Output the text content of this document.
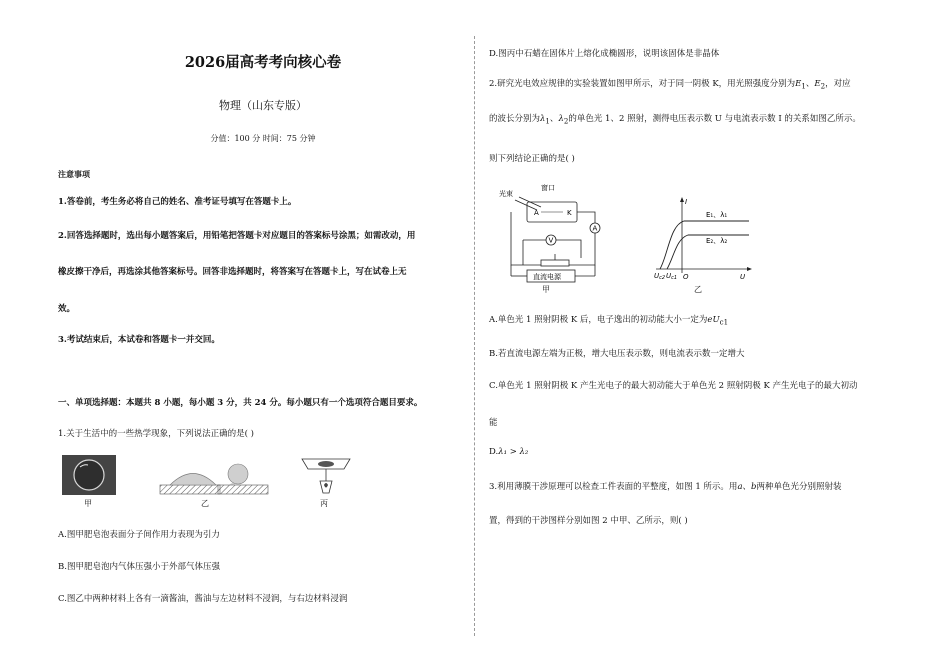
2026届高考考向核心卷
物理（山东专版）
分值：100 分 时间：75 分钟
注意事项
1.答卷前，考生务必将自己的姓名、准考证号填写在答题卡上。
2.回答选择题时，选出每小题答案后，用铅笔把答题卡对应题目的答案标号涂黑；如需改动，用
橡皮擦干净后，再选涂其他答案标号。回答非选择题时，将答案写在答题卡上，写在试卷上无
效。
3.考试结束后，本试卷和答题卡一并交回。
一、单项选择题：本题共 8 小题，每小题 3 分，共 24 分。每小题只有一个选项符合题目要求。
1.关于生活中的一些热学现象，下列说法正确的是( )
甲	乙	丙
A.图甲肥皂泡表面分子间作用力表现为引力
B.图甲肥皂泡内气体压强小于外部气体压强
C.图乙中两种材料上各有一滴酱油，酱油与左边材料不浸润，与右边材料浸润
D.图丙中石蜡在固体片上熔化成椭圆形，说明该固体是非晶体
2.研究光电效应规律的实验装置如图甲所示，对于同一阴极 K，用光照强度分别为$E_1$、$E_2$，对应
的波长分别为$\lambda_1$、$\lambda_2$的单色光 1、2 照射，测得电压表示数 U 与电流表示数 I 的关系如图乙所示。
则下列结论正确的是( )
光束
窗口
A	K
V
A
直流电源
甲
I
U
O
E₁、λ₁
E₂、λ₂
Uc2 Uc1
乙
A.单色光 1 照射阴极 K 后，电子逸出的初动能大小一定为$eU_{c1}$
B.若直流电源左端为正极，增大电压表示数，则电流表示数一定增大
C.单色光 1 照射阴极 K 产生光电子的最大初动能大于单色光 2 照射阴极 K 产生光电子的最大初动
能
D.λ₁ > λ₂
3.利用薄膜干涉原理可以检查工件表面的平整度，如图 1 所示。用a、b两种单色光分别照射装
置，得到的干涉图样分别如图 2 中甲、乙所示，则( )
